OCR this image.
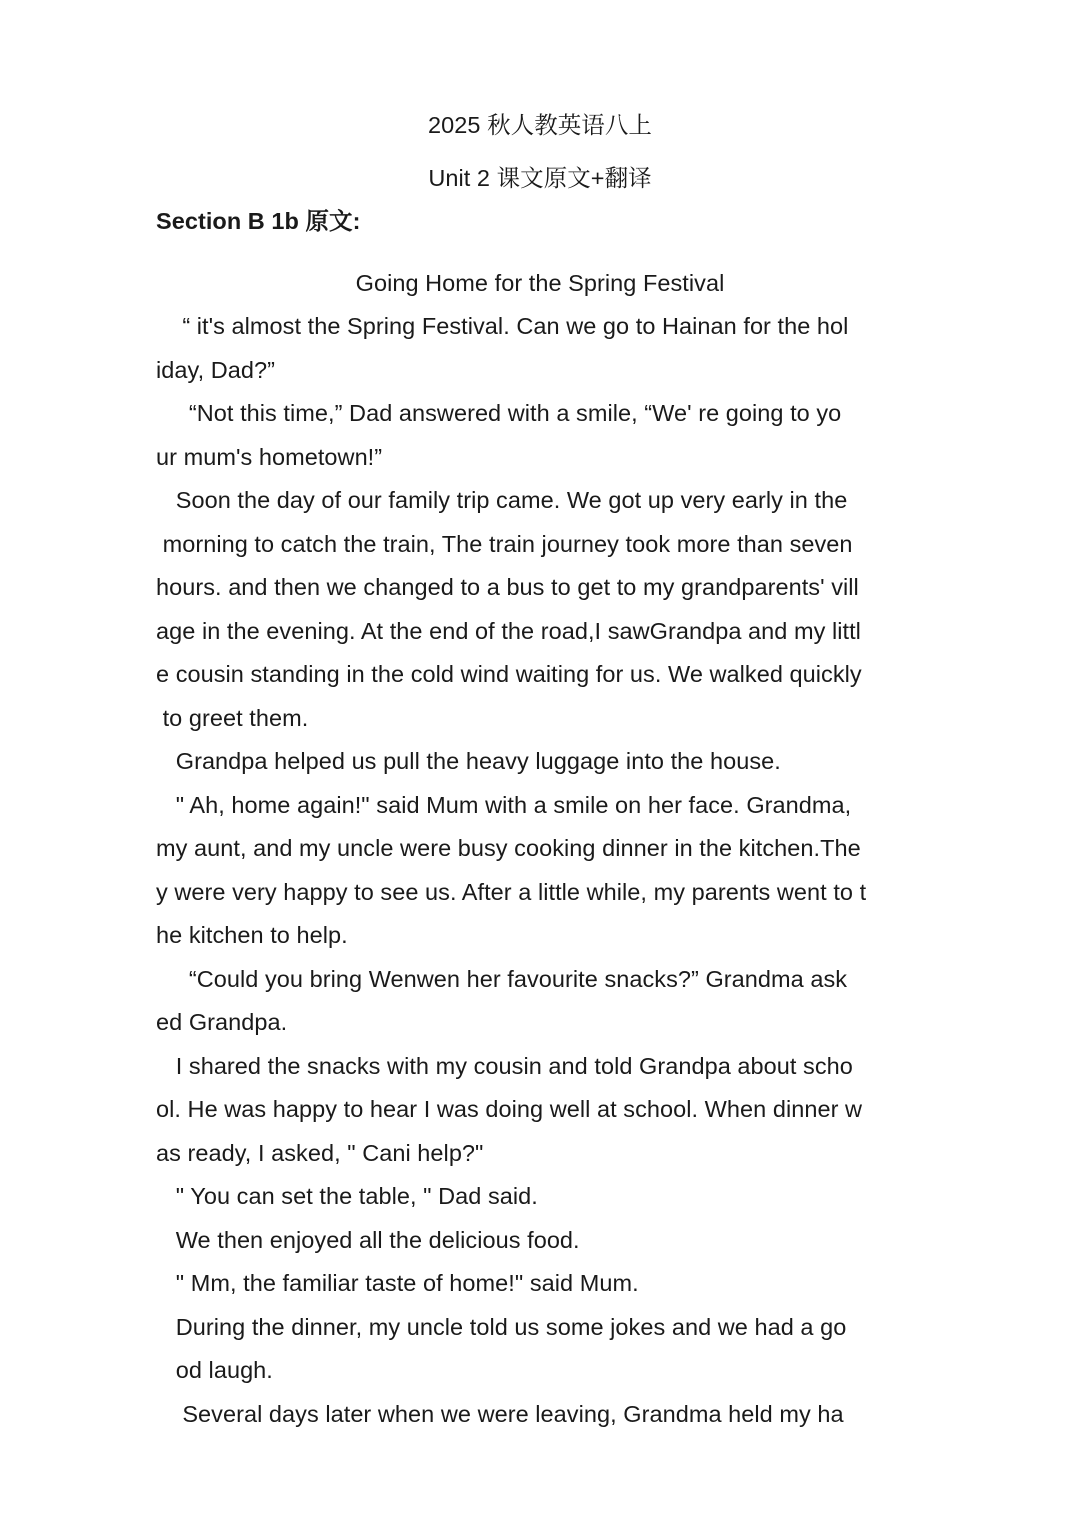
2025 秋人教英语八上
Unit 2 课文原文+翻译
Section B 1b 原文:
Going Home for the Spring Festival
“ it's almost the Spring Festival. Can we go to Hainan for the hol
iday, Dad?”
“Not this time,” Dad answered with a smile, “We' re going to yo
ur mum's hometown!”
Soon the day of our family trip came. We got up very early in the
morning to catch the train, The train journey took more than seven
hours. and then we changed to a bus to get to my grandparents' vill
age in the evening. At the end of the road,I sawGrandpa and my littl
e cousin standing in the cold wind waiting for us. We walked quickly
to greet them.
Grandpa helped us pull the heavy luggage into the house.
" Ah, home again!" said Mum with a smile on her face. Grandma,
my aunt, and my uncle were busy cooking dinner in the kitchen.The
y were very happy to see us. After a little while, my parents went to t
he kitchen to help.
“Could you bring Wenwen her favourite snacks?” Grandma ask
ed Grandpa.
I shared the snacks with my cousin and told Grandpa about scho
ol. He was happy to hear I was doing well at school. When dinner w
as ready, I asked, " Cani help?"
" You can set the table, " Dad said.
We then enjoyed all the delicious food.
" Mm, the familiar taste of home!" said Mum.
During the dinner, my uncle told us some jokes and we had a go
od laugh.
Several days later when we were leaving, Grandma held my ha
